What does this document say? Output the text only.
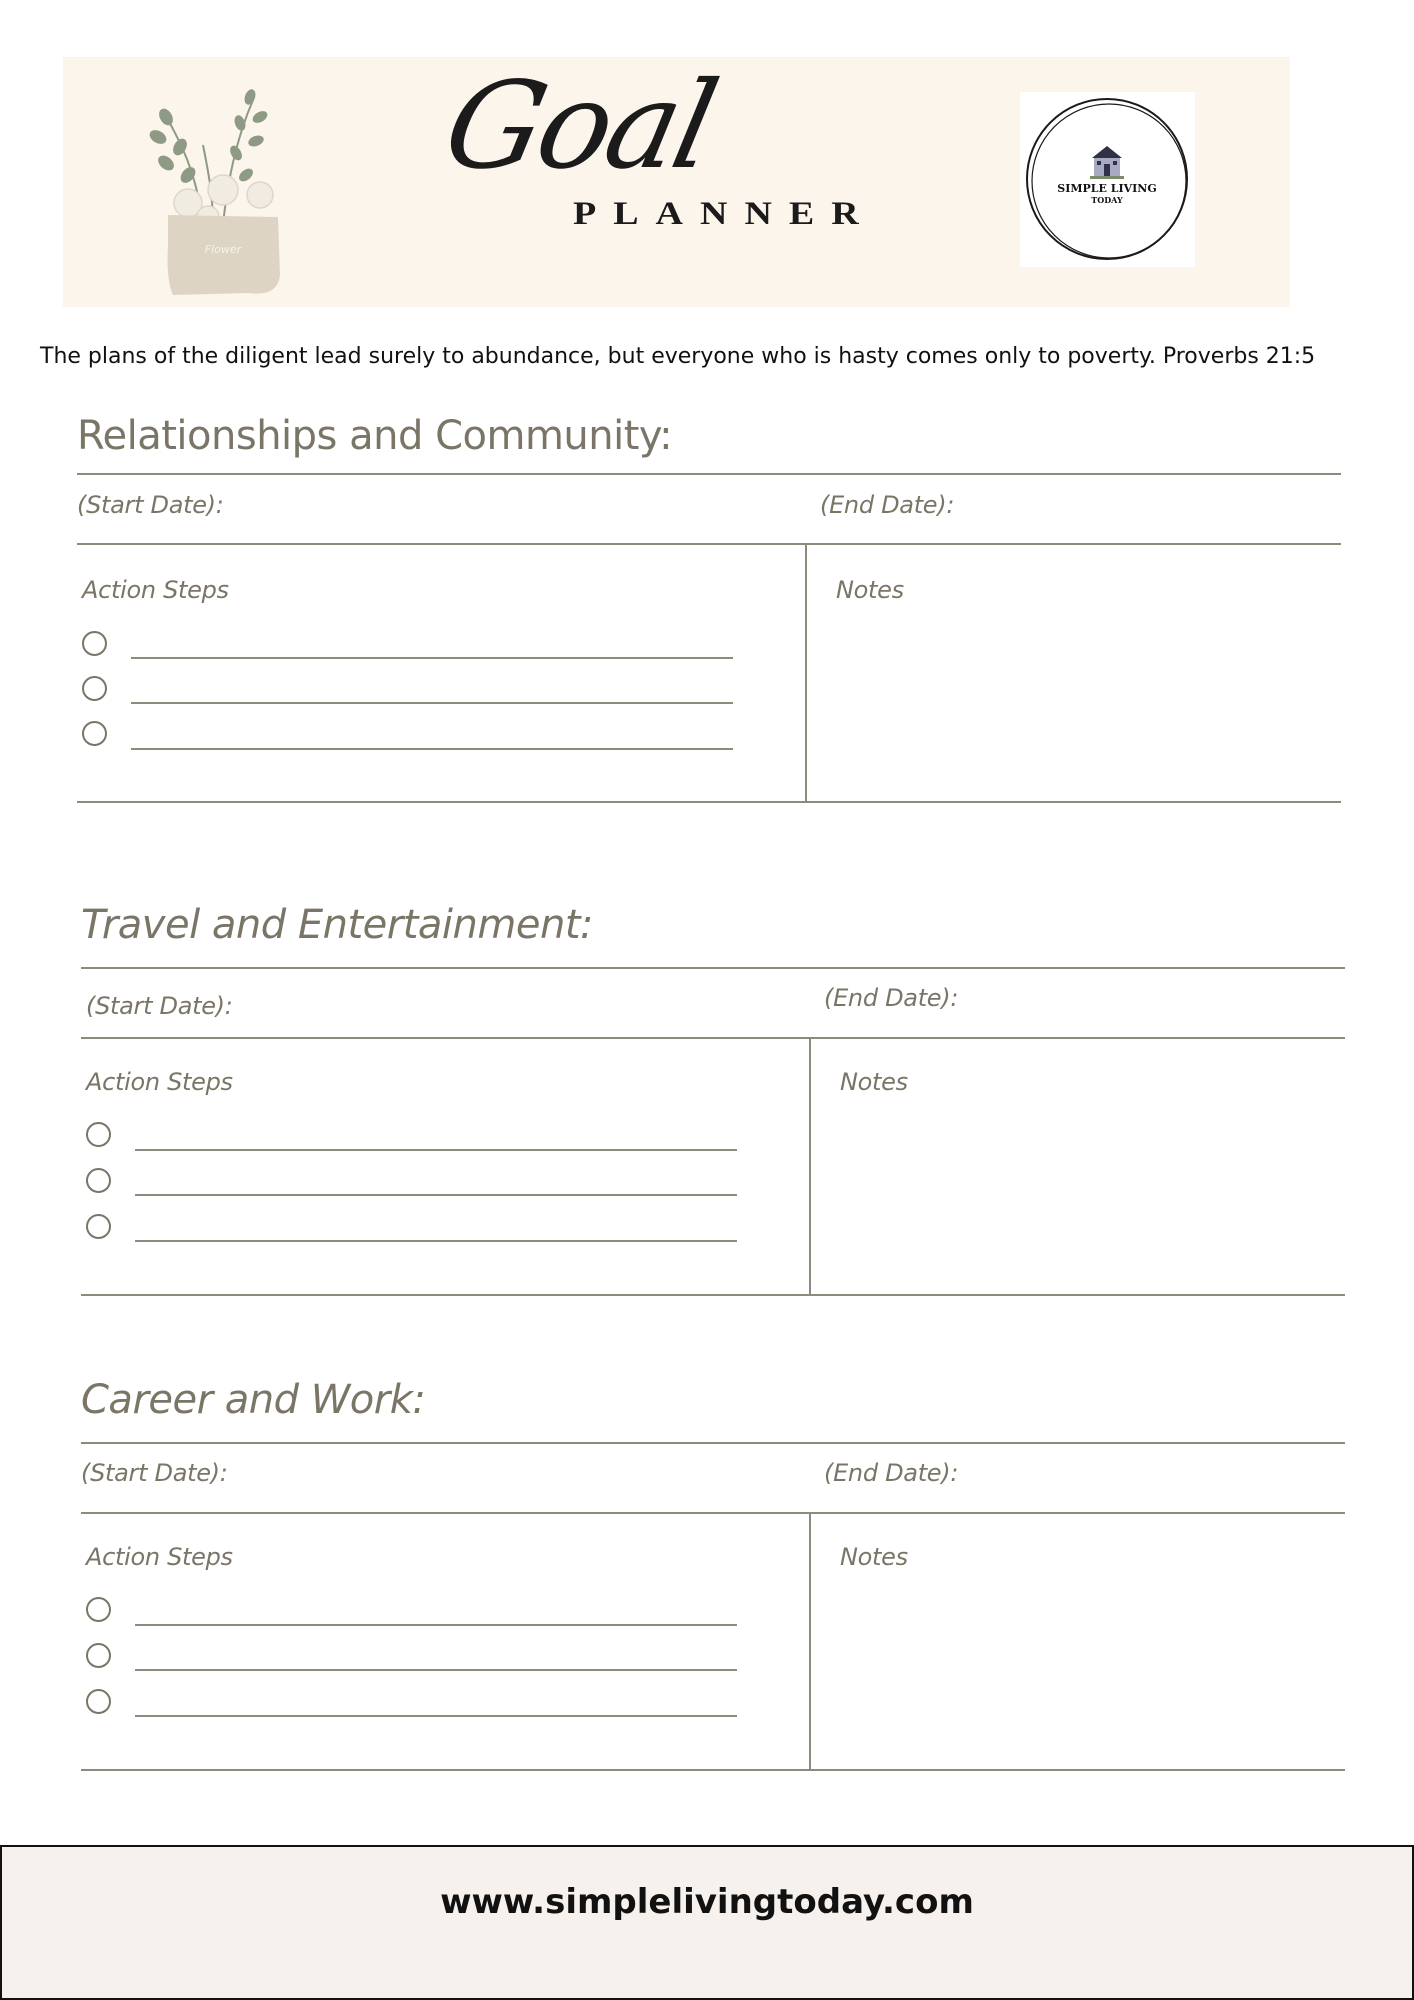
Flower
Goal
PLANNER
SIMPLE LIVING
TODAY
The plans of the diligent lead surely to abundance, but everyone who is hasty comes only to poverty. Proverbs 21:5
Relationships and Community:
(Start Date):	(End Date):
Action Steps	Notes
Travel and Entertainment:
(Start Date):	(End Date):
Action Steps	Notes
Career and Work:
(Start Date):	(End Date):
Action Steps	Notes
www.simplelivingtoday.com
